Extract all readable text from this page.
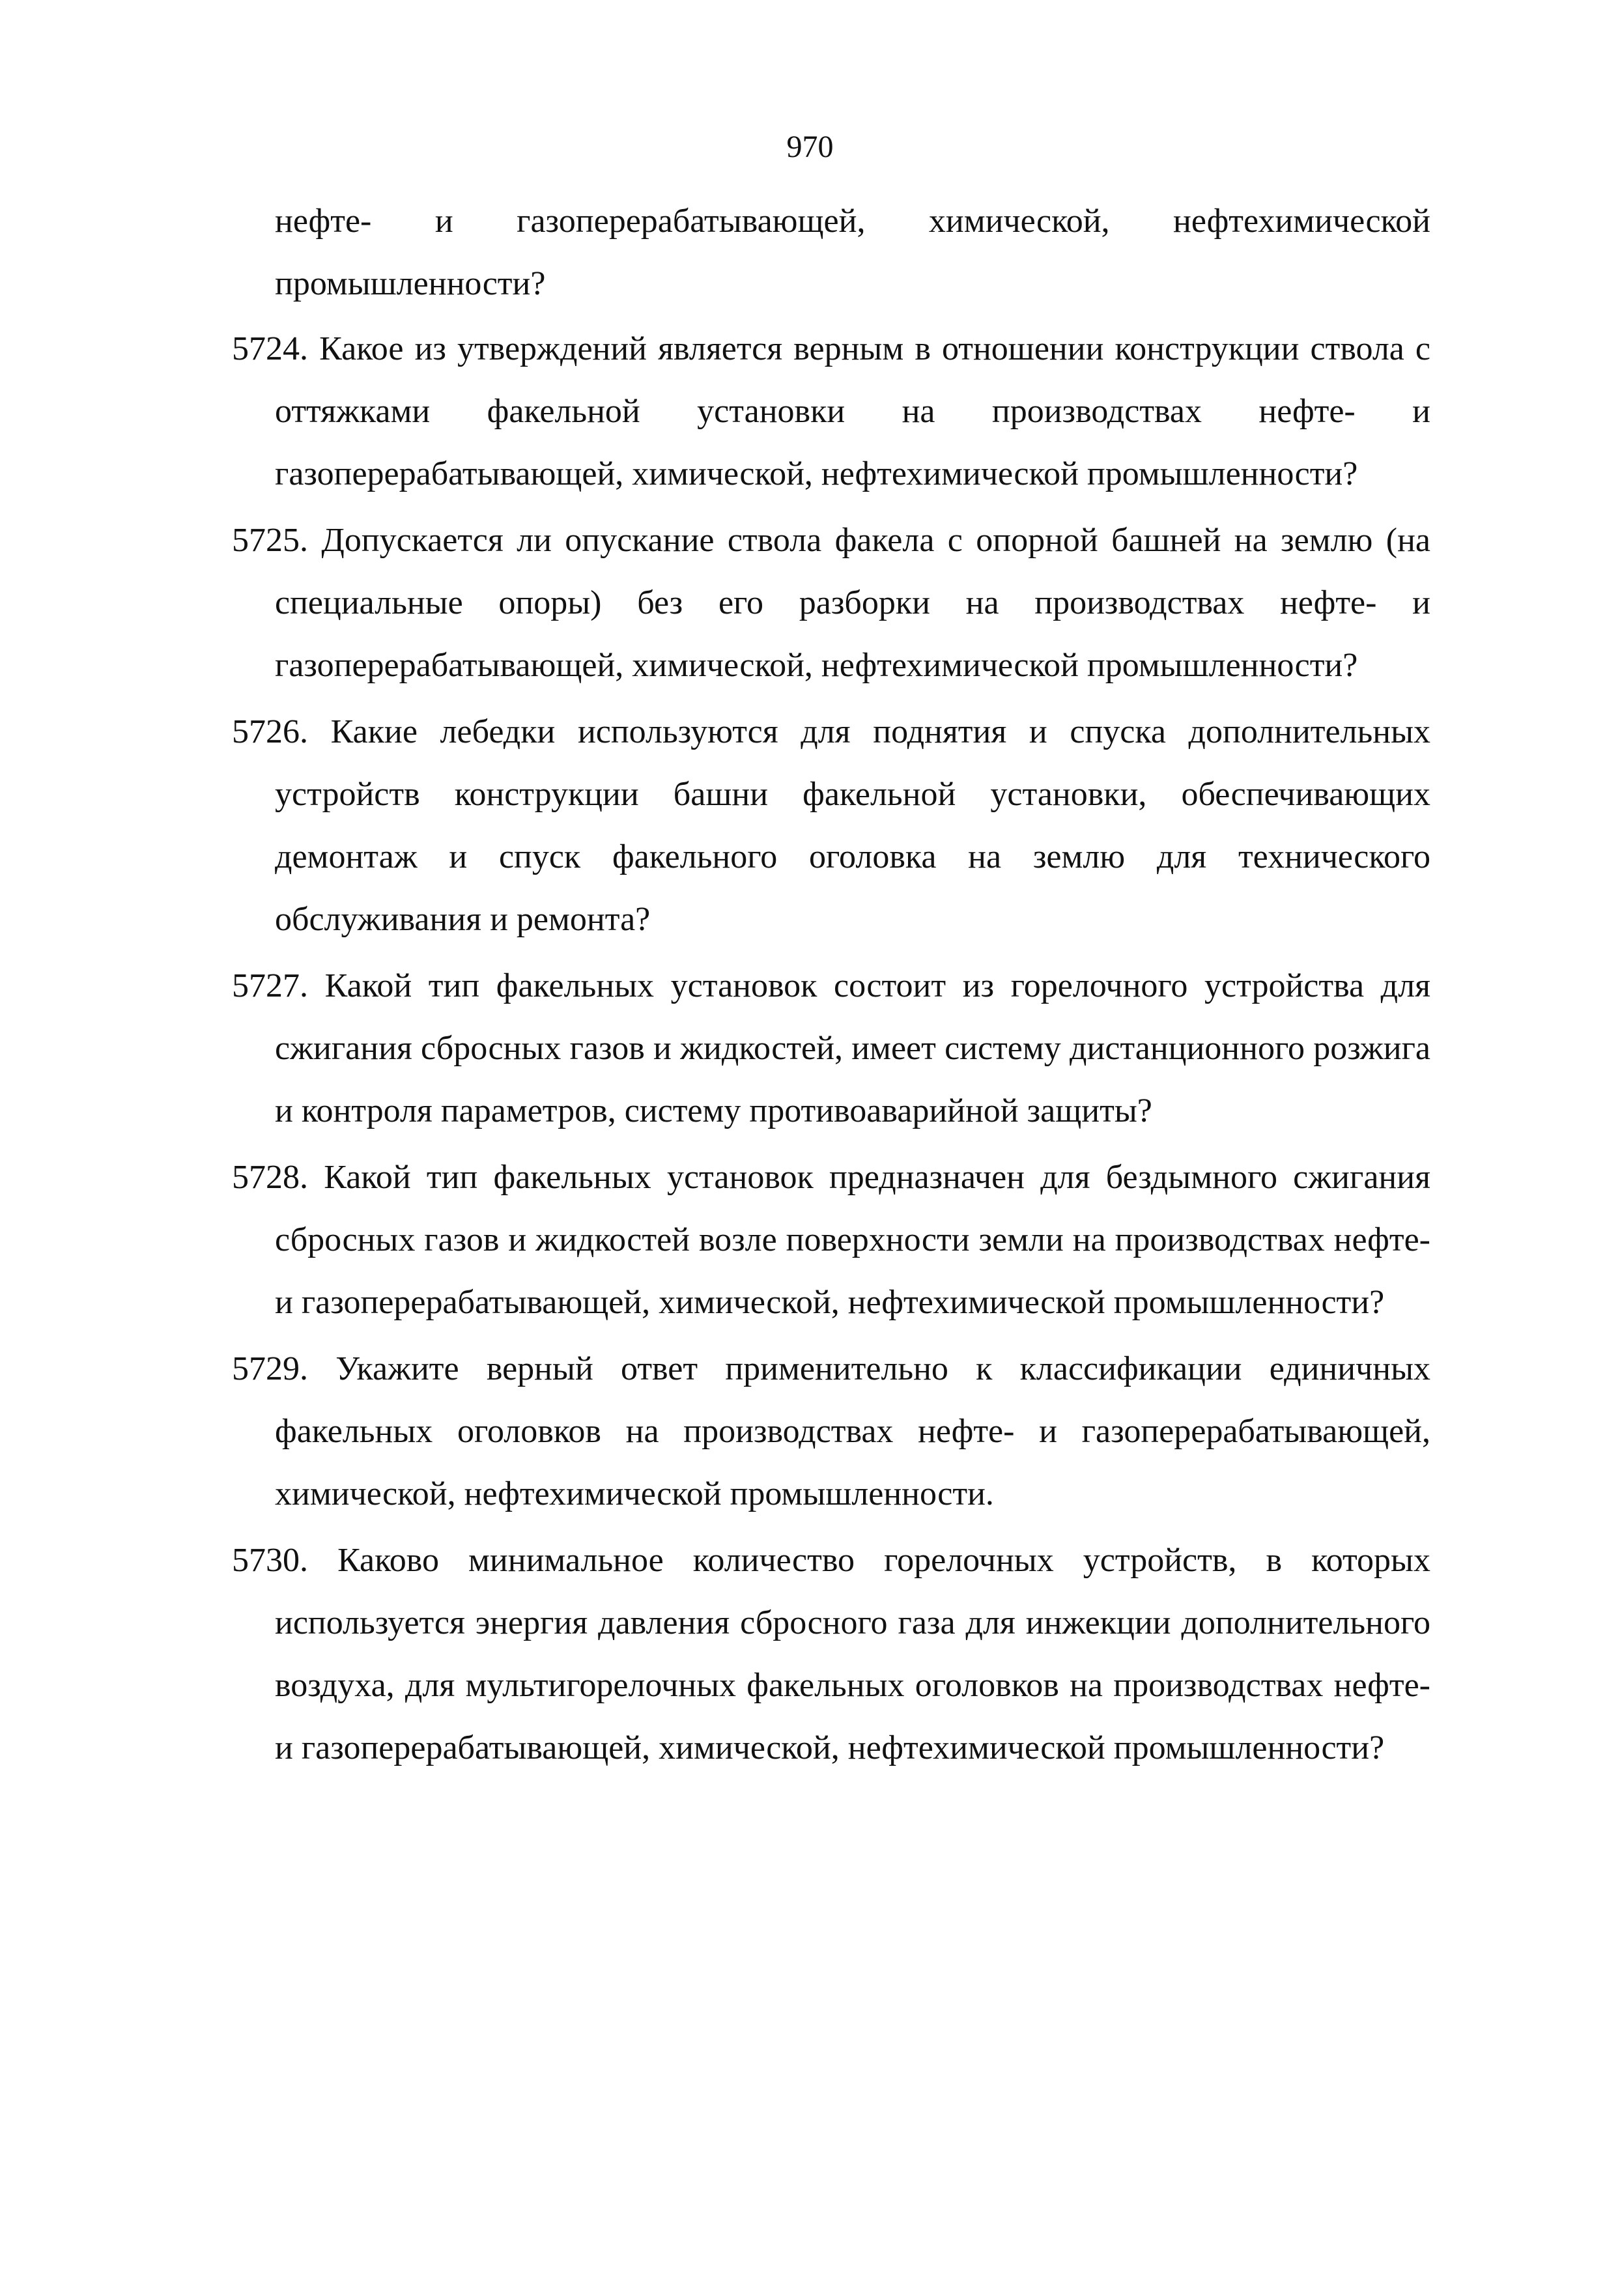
970
нефте- и газоперерабатывающей, химической, нефтехимической промышленности?
5724. Какое из утверждений является верным в отношении конструкции ствола с оттяжками факельной установки на производствах нефте- и газоперерабатывающей, химической, нефтехимической промышленности?
5725. Допускается ли опускание ствола факела с опорной башней на землю (на специальные опоры) без его разборки на производствах нефте- и газоперерабатывающей, химической, нефтехимической промышленности?
5726. Какие лебедки используются для поднятия и спуска дополнительных устройств конструкции башни факельной установки, обеспечивающих демонтаж и спуск факельного оголовка на землю для технического обслуживания и ремонта?
5727. Какой тип факельных установок состоит из горелочного устройства для сжигания сбросных газов и жидкостей, имеет систему дистанционного розжига и контроля параметров, систему противоаварийной защиты?
5728. Какой тип факельных установок предназначен для бездымного сжигания сбросных газов и жидкостей возле поверхности земли на производствах нефте- и газоперерабатывающей, химической, нефтехимической промышленности?
5729. Укажите верный ответ применительно к классификации единичных факельных оголовков на производствах нефте- и газоперерабатывающей, химической, нефтехимической промышленности.
5730. Каково минимальное количество горелочных устройств, в которых используется энергия давления сбросного газа для инжекции дополнительного воздуха, для мультигорелочных факельных оголовков на производствах нефте- и газоперерабатывающей, химической, нефтехимической промышленности?
